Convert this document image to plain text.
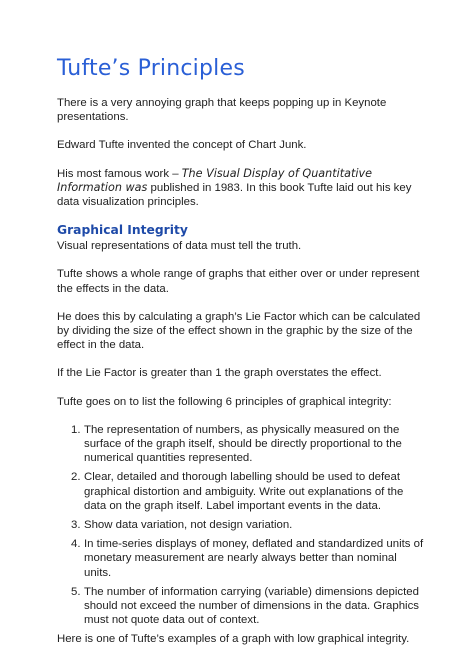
Tufte’s Principles

There is a very annoying graph that keeps popping up in Keynote presentations.

Edward Tufte invented the concept of Chart Junk.

His most famous work – The Visual Display of Quantitative Information was published in 1983. In this book Tufte laid out his key data visualization principles.

Graphical Integrity

Visual representations of data must tell the truth.

Tufte shows a whole range of graphs that either over or under represent the effects in the data.

He does this by calculating a graph’s Lie Factor which can be calculated by dividing the size of the effect shown in the graphic by the size of the effect in the data.

If the Lie Factor is greater than 1 the graph overstates the effect.

Tufte goes on to list the following 6 principles of graphical integrity:

1. The representation of numbers, as physically measured on the surface of the graph itself, should be directly proportional to the numerical quantities represented.
2. Clear, detailed and thorough labelling should be used to defeat graphical distortion and ambiguity. Write out explanations of the data on the graph itself. Label important events in the data.
3. Show data variation, not design variation.
4. In time-series displays of money, deflated and standardized units of monetary measurement are nearly always better than nominal units.
5. The number of information carrying (variable) dimensions depicted should not exceed the number of dimensions in the data. Graphics must not quote data out of context.

Here is one of Tufte’s examples of a graph with low graphical integrity.
